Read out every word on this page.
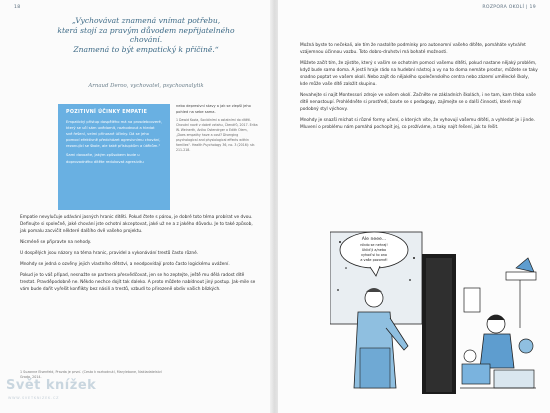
18
„Vychovávat znamená vnímat potřebu,
která stojí za pravým důvodem nepřijatelného chování.
Znamená to být empatický k příčině.“
Arnaud Deroo, vychovatel, psychoanalytik
POZITIVNÍ ÚČINKY EMPATIE

Empatický přístup dospělého má na prosdebcoveré, který se učí sám uvědomit, rozhodnout a hledat své řešení, velmi přínosné účinky. Dá se jeho pomocí efektivně předcházet agresivnímu chování, rezonující se škole, ale také přístupkům a útěkům.¹

Sami dovozíte, jakým způsobem bude u doprovodného dítěte redukovat agresivitu

nebo depresivní stavy a jak se zlepší jeho pohled na sebe sama.

1 Dawid Kozia, Sociálními a ostatními do dítětí. Chování nové v dobré vztahu, Čtenářů, 2017. Erika W. Weinerth, Aniko Ostendrger a Edith Olem, „Does empathy have a cost? Diverging psychological and physiological effects within families". Health Psychology 36, no. 3 (2016): str. 211-218.

Empatie nevylučuje udávání jasných hranic dítěti. Pokud čtete s párou, je dobré toto téma probírat ve dvou. Definujte si společně, jaké chování jste ochotní akceptovat, jaké už ne a z jakého důvodu. Je to také způsob, jak pomalu zacvičit některé dalšího dvě vašeho projektu.

Nicméně se připravte na nehody.

U dospělých jsou názory na téma hranic, pravidel a vykonávání trestů často různé.

Mnohdy se jedná o ozvěny jejich vlastního dětství, a neodpovídají proto často logickému uvážení.

Pokud je to váš případ, nesnažte se partnera přesvědčovat, jen se ho zeptejte, ještě mu dělá radost dítě trestat. Pravděpodobně ne. Někdo nechce dojít tak daleko. A proto můžete nabídnout jiný postup. Jak-mile se vám bude dařit vyřešit konflikty bez násilí a trestů, vzbudí to přirozeně obdiv vašich blízkých.

1 Suzanne Eisenfeld, Pravda je první. (Cesta k rozhodnutí, Marylebone, Nakladatelství Grada, 2014.
Svět knížek
WWW.SVETKNIZEK.CZ
ROZPORA OKOLÍ | 19

Možná byste to nečekali, ale tím že nastolíte podmínky pro autonomní vašeho dítěte, pomáháte vytvářet vzájemnou účinnou vazbu. Toto dobro-druhství má bohaté možnosti.

Můžete začít tím, že zjistíte, který s vaším se ochotním pomocí vašemu dítěti, pokud nastane nějaký problém, když bude samo doma. A jestli hraje rádo na hudební nástroj a vy na to doma nemáte prostor, můžete se taky snadno poptat ve vašem okolí. Nebo zajít do nějakého společenského centra nebo zázemí umělecké školy, kde může vaše dítě založit skupinu.

Nevahejte si najít Montessori zdroje ve vašem okolí. Začněte ne základních školách, i ne tam, kam třeba vaše dítě nenastoupí. Prohlédněte si prostředí, bavte se s pedagogy, zajímejte se o další činnosti, které mají podobný styl výchovy.

Mnohdy je snazší míchat si různé formy učení, o kterých víte, že vyhovují vašemu dítěti, a vyhledat je i jinde. Mluvení o problému nám pomáhá pochopit jej, co prožíváme, a taky najít řešení, jak to řešit.

Ale neee...
nikdo se nehraj!
Ukliď ji a/nebo
vyhoď si to ono
a vaše pozorné!
